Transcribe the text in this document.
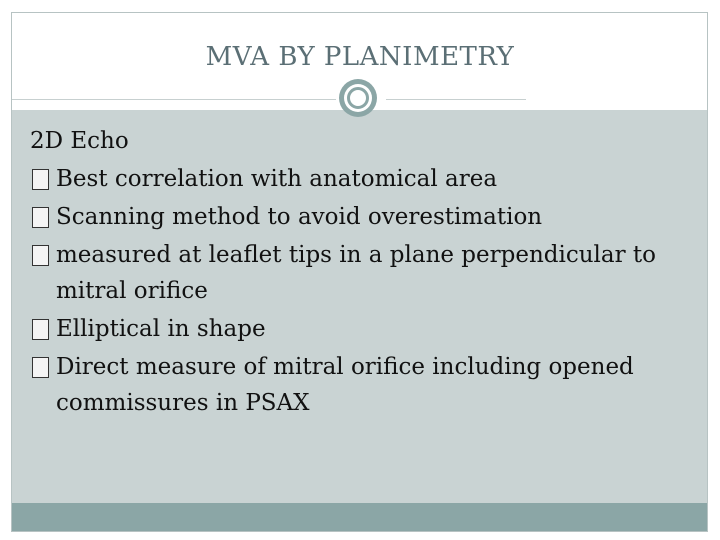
MVA BY PLANIMETRY

2D Echo

Best correlation with anatomical area
Scanning method to avoid overestimation
measured at leaflet tips in a plane perpendicular to
mitral orifice
Elliptical in shape
Direct measure of mitral orifice including opened
commissures in PSAX
